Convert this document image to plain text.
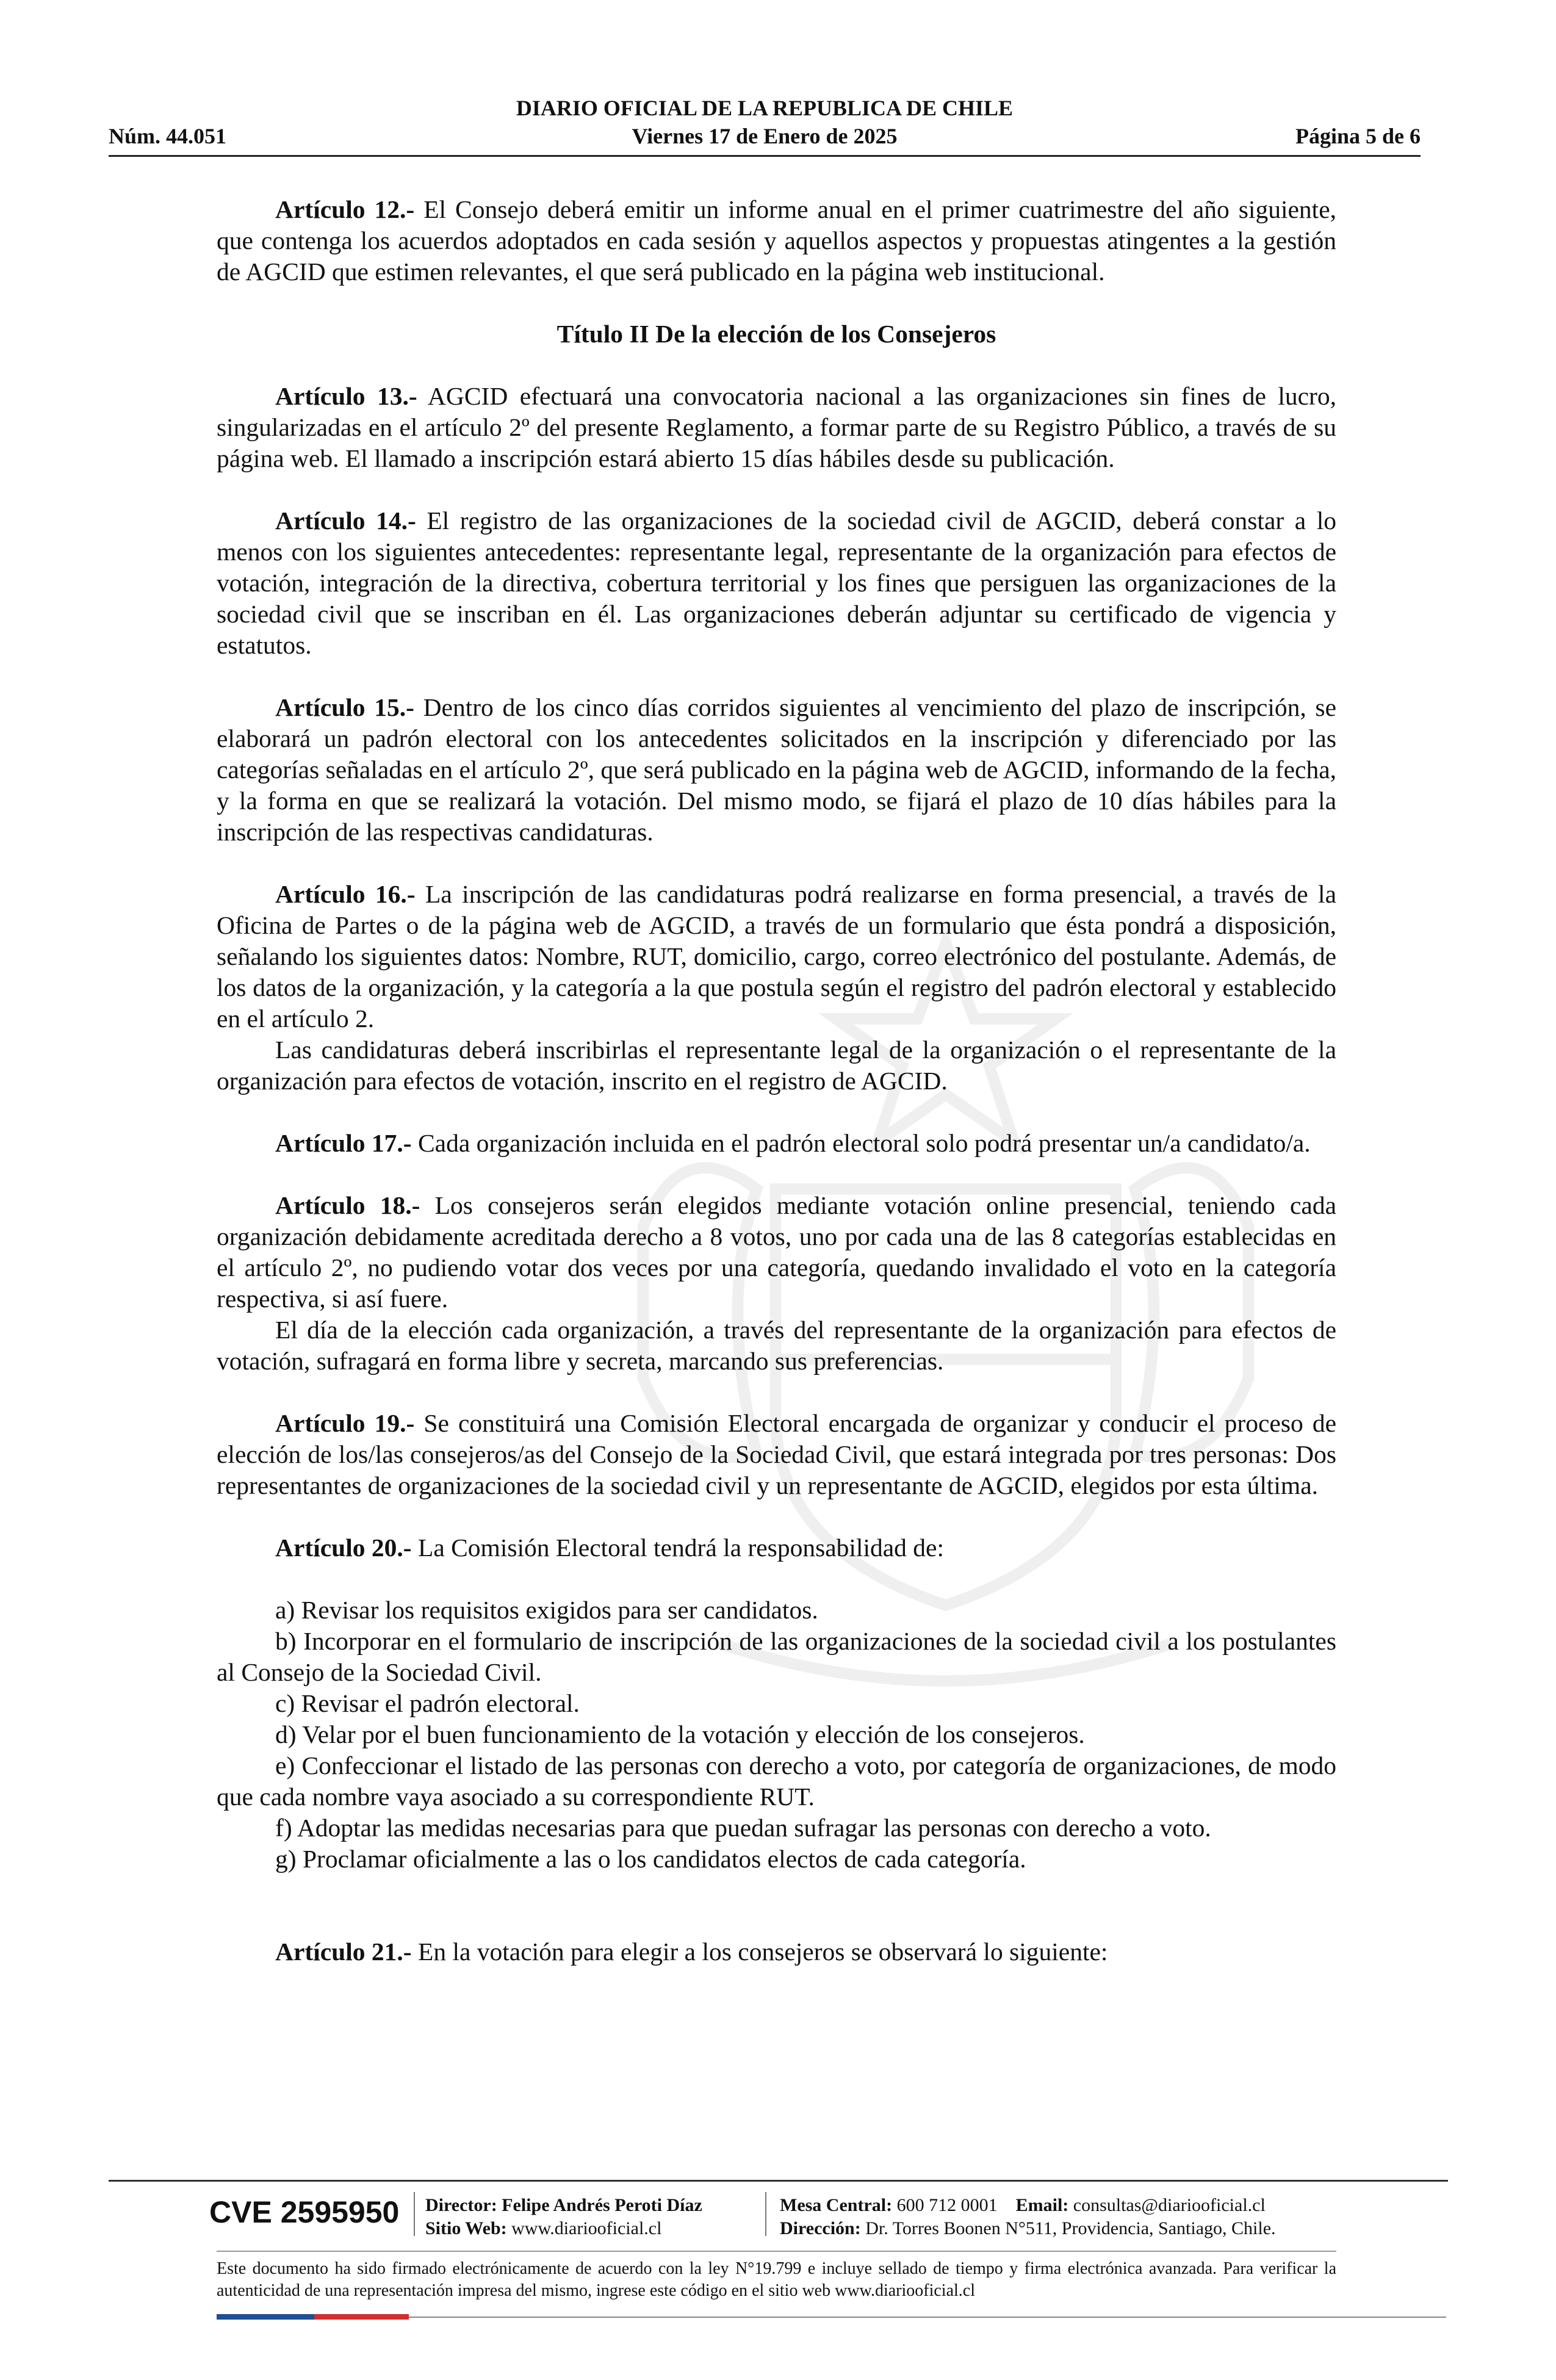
DIARIO OFICIAL DE LA REPUBLICA DE CHILE
Núm. 44.051	Viernes 17 de Enero de 2025	Página 5 de 6

Artículo 12.- El Consejo deberá emitir un informe anual en el primer cuatrimestre del año siguiente, que contenga los acuerdos adoptados en cada sesión y aquellos aspectos y propuestas atingentes a la gestión de AGCID que estimen relevantes, el que será publicado en la página web institucional.

Título II De la elección de los Consejeros

Artículo 13.- AGCID efectuará una convocatoria nacional a las organizaciones sin fines de lucro, singularizadas en el artículo 2º del presente Reglamento, a formar parte de su Registro Público, a través de su página web. El llamado a inscripción estará abierto 15 días hábiles desde su publicación.

Artículo 14.- El registro de las organizaciones de la sociedad civil de AGCID, deberá constar a lo menos con los siguientes antecedentes: representante legal, representante de la organización para efectos de votación, integración de la directiva, cobertura territorial y los fines que persiguen las organizaciones de la sociedad civil que se inscriban en él. Las organizaciones deberán adjuntar su certificado de vigencia y estatutos.

Artículo 15.- Dentro de los cinco días corridos siguientes al vencimiento del plazo de inscripción, se elaborará un padrón electoral con los antecedentes solicitados en la inscripción y diferenciado por las categorías señaladas en el artículo 2º, que será publicado en la página web de AGCID, informando de la fecha, y la forma en que se realizará la votación. Del mismo modo, se fijará el plazo de 10 días hábiles para la inscripción de las respectivas candidaturas.

Artículo 16.- La inscripción de las candidaturas podrá realizarse en forma presencial, a través de la Oficina de Partes o de la página web de AGCID, a través de un formulario que ésta pondrá a disposición, señalando los siguientes datos: Nombre, RUT, domicilio, cargo, correo electrónico del postulante. Además, de los datos de la organización, y la categoría a la que postula según el registro del padrón electoral y establecido en el artículo 2.

Las candidaturas deberá inscribirlas el representante legal de la organización o el representante de la organización para efectos de votación, inscrito en el registro de AGCID.

Artículo 17.- Cada organización incluida en el padrón electoral solo podrá presentar un/a candidato/a.

Artículo 18.- Los consejeros serán elegidos mediante votación online presencial, teniendo cada organización debidamente acreditada derecho a 8 votos, uno por cada una de las 8 categorías establecidas en el artículo 2º, no pudiendo votar dos veces por una categoría, quedando invalidado el voto en la categoría respectiva, si así fuere.

El día de la elección cada organización, a través del representante de la organización para efectos de votación, sufragará en forma libre y secreta, marcando sus preferencias.

Artículo 19.- Se constituirá una Comisión Electoral encargada de organizar y conducir el proceso de elección de los/las consejeros/as del Consejo de la Sociedad Civil, que estará integrada por tres personas: Dos representantes de organizaciones de la sociedad civil y un representante de AGCID, elegidos por esta última.

Artículo 20.- La Comisión Electoral tendrá la responsabilidad de:

a) Revisar los requisitos exigidos para ser candidatos.

b) Incorporar en el formulario de inscripción de las organizaciones de la sociedad civil a los postulantes al Consejo de la Sociedad Civil.

c) Revisar el padrón electoral.

d) Velar por el buen funcionamiento de la votación y elección de los consejeros.

e) Confeccionar el listado de las personas con derecho a voto, por categoría de organizaciones, de modo que cada nombre vaya asociado a su correspondiente RUT.

f) Adoptar las medidas necesarias para que puedan sufragar las personas con derecho a voto.

g) Proclamar oficialmente a las o los candidatos electos de cada categoría.

Artículo 21.- En la votación para elegir a los consejeros se observará lo siguiente:

CVE 2595950 Director: Felipe Andrés Peroti Díaz
Sitio Web: www.diariooficial.cl
Mesa Central: 600 712 0001 Email: consultas@diariooficial.cl
Dirección: Dr. Torres Boonen N°511, Providencia, Santiago, Chile.
Este documento ha sido firmado electrónicamente de acuerdo con la ley N°19.799 e incluye sellado de tiempo y firma electrónica avanzada. Para verificar la autenticidad de una representación impresa del mismo, ingrese este código en el sitio web www.diariooficial.cl
